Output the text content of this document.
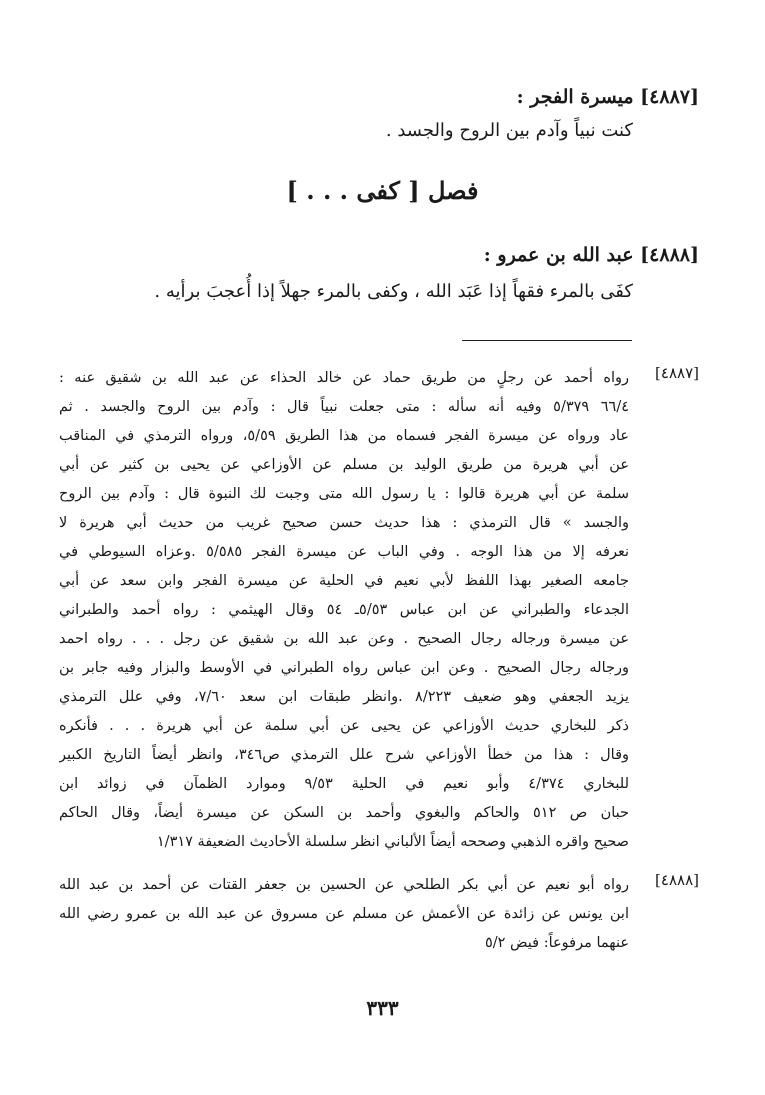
[٤٨٨٧] ميسرة الفجر :
كنت نبياً وآدم بين الروح والجسد .
فصل [ كفى . . . ]
[٤٨٨٨] عبد الله بن عمرو :
كفَى بالمرء فقهاً إذا عَبَد الله ، وكفى بالمرء جهلاً إذا أُعجبَ برأيه .
[٤٨٨٧]
رواه أحمد عن رجلٍ من طريق حماد عن خالد الحذاء عن عبد الله بن شقيق عنه :
٦٦/٤ ٥/٣٧٩ وفيه أنه سأله : متى جعلت نبياً قال : وآدم بين الروح والجسد . ثم
عاد ورواه عن ميسرة الفجر فسماه من هذا الطريق ٥/٥٩، ورواه الترمذي في المناقب
عن أبي هريرة من طريق الوليد بن مسلم عن الأوزاعي عن يحيى بن كثير عن أبي
سلمة عن أبي هريرة قالوا : يا رسول الله متى وجبت لك النبوة قال : وآدم بين الروح
والجسد » قال الترمذي : هذا حديث حسن صحيح غريب من حديث أبي هريرة لا
نعرفه إلا من هذا الوجه . وفي الباب عن ميسرة الفجر ٥/٥٨٥ .وعزاه السيوطي في
جامعه الصغير بهذا اللفظ لأبي نعيم في الحلية عن ميسرة الفجر وابن سعد عن أبي
الجدعاء والطبراني عن ابن عباس ٥/٥٣ـ ٥٤ وقال الهيثمي : رواه أحمد والطبراني
عن ميسرة ورجاله رجال الصحيح . وعن عبد الله بن شقيق عن رجل . . . رواه احمد
ورجاله رجال الصحيح . وعن ابن عباس رواه الطبراني في الأوسط والبزار وفيه جابر بن
يزيد الجعفي وهو ضعيف ٨/٢٢٣ .وانظر طبقات ابن سعد ٧/٦٠، وفي علل الترمذي
ذكر للبخاري حديث الأوزاعي عن يحيى عن أبي سلمة عن أبي هريرة . . . فأنكره
وقال : هذا من خطأ الأوزاعي شرح علل الترمذي ص٣٤٦، وانظر أيضاً التاريخ الكبير
للبخاري ٤/٣٧٤ وأبو نعيم في الحلية ٩/٥٣ وموارد الظمآن في زوائد ابن
حبان ص ٥١٢ والحاكم والبغوي وأحمد بن السكن عن ميسرة أيضاً، وقال الحاكم
صحيح واقره الذهبي وصححه أيضاً الألباني انظر سلسلة الأحاديث الضعيفة ١/٣١٧
[٤٨٨٨]
رواه أبو نعيم عن أبي بكر الطلحي عن الحسين بن جعفر القتات عن أحمد بن عبد الله
ابن يونس عن زائدة عن الأعمش عن مسلم عن مسروق عن عبد الله بن عمرو رضي الله
عنهما مرفوعاً: فيض ٥/٢
٣٣٣
